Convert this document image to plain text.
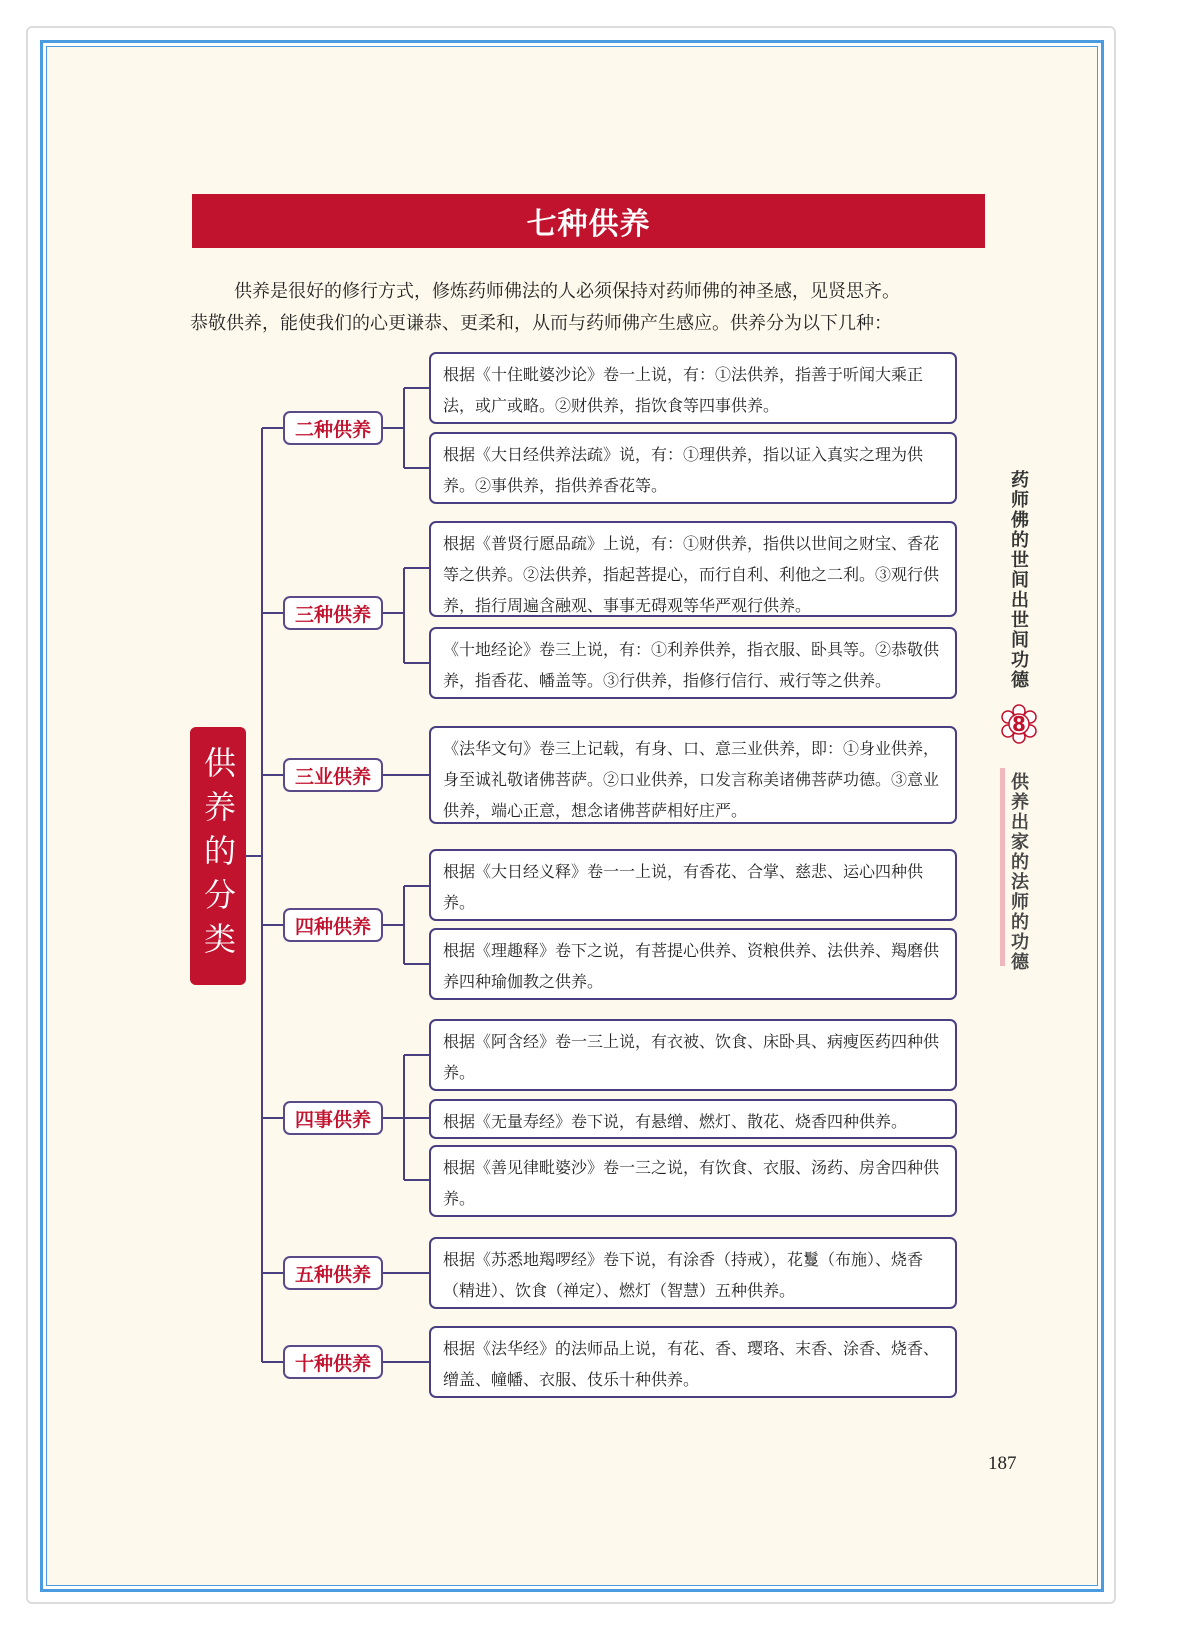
七种供养
供养是很好的修行方式，修炼药师佛法的人必须保持对药师佛的神圣感，见贤思齐。
恭敬供养，能使我们的心更谦恭、更柔和，从而与药师佛产生感应。供养分为以下几种：
供养的分类
二种供养
三种供养
三业供养
四种供养
四事供养
五种供养
十种供养
根据《十住毗婆沙论》卷一上说，有：①法供养，指善于听闻大乘正法，或广或略。②财供养，指饮食等四事供养。
根据《大日经供养法疏》说，有：①理供养，指以证入真实之理为供养。②事供养，指供养香花等。
根据《普贤行愿品疏》上说，有：①财供养，指供以世间之财宝、香花等之供养。②法供养，指起菩提心，而行自利、利他之二利。③观行供养，指行周遍含融观、事事无碍观等华严观行供养。
《十地经论》卷三上说，有：①利养供养，指衣服、卧具等。②恭敬供养，指香花、幡盖等。③行供养，指修行信行、戒行等之供养。
《法华文句》卷三上记载，有身、口、意三业供养，即：①身业供养，身至诚礼敬诸佛菩萨。②口业供养，口发言称美诸佛菩萨功德。③意业供养，端心正意，想念诸佛菩萨相好庄严。
根据《大日经义释》卷一一上说，有香花、合掌、慈悲、运心四种供养。
根据《理趣释》卷下之说，有菩提心供养、资粮供养、法供养、羯磨供养四种瑜伽教之供养。
根据《阿含经》卷一三上说，有衣被、饮食、床卧具、病瘦医药四种供养。
根据《无量寿经》卷下说，有悬缯、燃灯、散花、烧香四种供养。
根据《善见律毗婆沙》卷一三之说，有饮食、衣服、汤药、房舍四种供养。
根据《苏悉地羯啰经》卷下说，有涂香（持戒），花鬘（布施）、烧香（精进）、饮食（禅定）、燃灯（智慧）五种供养。
根据《法华经》的法师品上说，有花、香、璎珞、末香、涂香、烧香、缯盖、幢幡、衣服、伎乐十种供养。
药师佛的世间出世间功德
8
供养出家的法师的功德
187
